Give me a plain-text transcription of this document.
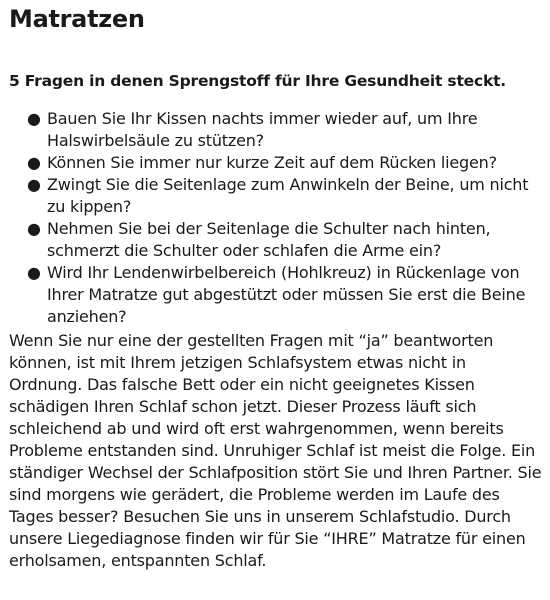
Matratzen

5 Fragen in denen Sprengstoff für Ihre Gesundheit steckt.

● Bauen Sie Ihr Kissen nachts immer wieder auf, um Ihre Halswirbelsäule zu stützen?
● Können Sie immer nur kurze Zeit auf dem Rücken liegen?
● Zwingt Sie die Seitenlage zum Anwinkeln der Beine, um nicht zu kippen?
● Nehmen Sie bei der Seitenlage die Schulter nach hinten, schmerzt die Schulter oder schlafen die Arme ein?
● Wird Ihr Lendenwirbelbereich (Hohlkreuz) in Rückenlage von Ihrer Matratze gut abgestützt oder müssen Sie erst die Beine anziehen?

Wenn Sie nur eine der gestellten Fragen mit “ja” beantworten können, ist mit Ihrem jetzigen Schlafsystem etwas nicht in Ordnung. Das falsche Bett oder ein nicht geeignetes Kissen schädigen Ihren Schlaf schon jetzt. Dieser Prozess läuft sich schleichend ab und wird oft erst wahrgenommen, wenn bereits Probleme entstanden sind. Unruhiger Schlaf ist meist die Folge. Ein ständiger Wechsel der Schlafposition stört Sie und Ihren Partner. Sie sind morgens wie gerädert, die Probleme werden im Laufe des Tages besser? Besuchen Sie uns in unserem Schlafstudio. Durch unsere Liegediagnose finden wir für Sie “IHRE” Matratze für einen erholsamen, entspannten Schlaf.
